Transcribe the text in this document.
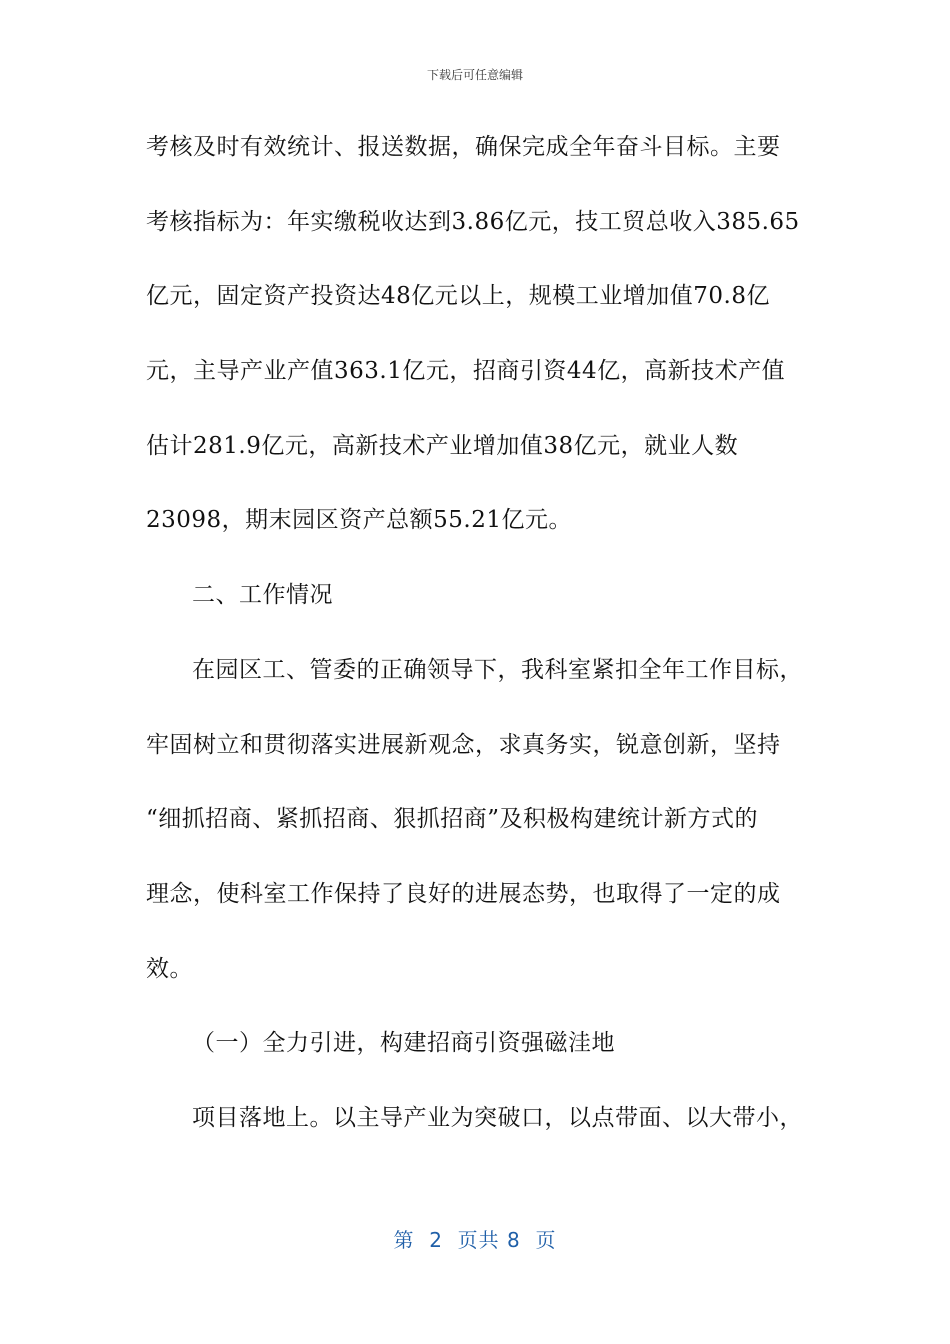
下载后可任意编辑
考核及时有效统计、报送数据，确保完成全年奋斗目标。主要
考核指标为：年实缴税收达到3.86亿元，技工贸总收入385.65
亿元，固定资产投资达48亿元以上，规模工业增加值70.8亿
元，主导产业产值363.1亿元，招商引资44亿，高新技术产值
估计281.9亿元，高新技术产业增加值38亿元，就业人数
23098，期末园区资产总额55.21亿元。
二、工作情况
在园区工、管委的正确领导下，我科室紧扣全年工作目标，
牢固树立和贯彻落实进展新观念，求真务实，锐意创新，坚持
“细抓招商、紧抓招商、狠抓招商”及积极构建统计新方式的
理念，使科室工作保持了良好的进展态势，也取得了一定的成
效。
（一）全力引进，构建招商引资强磁洼地
项目落地上。以主导产业为突破口，以点带面、以大带小，
第  2  页共 8  页
